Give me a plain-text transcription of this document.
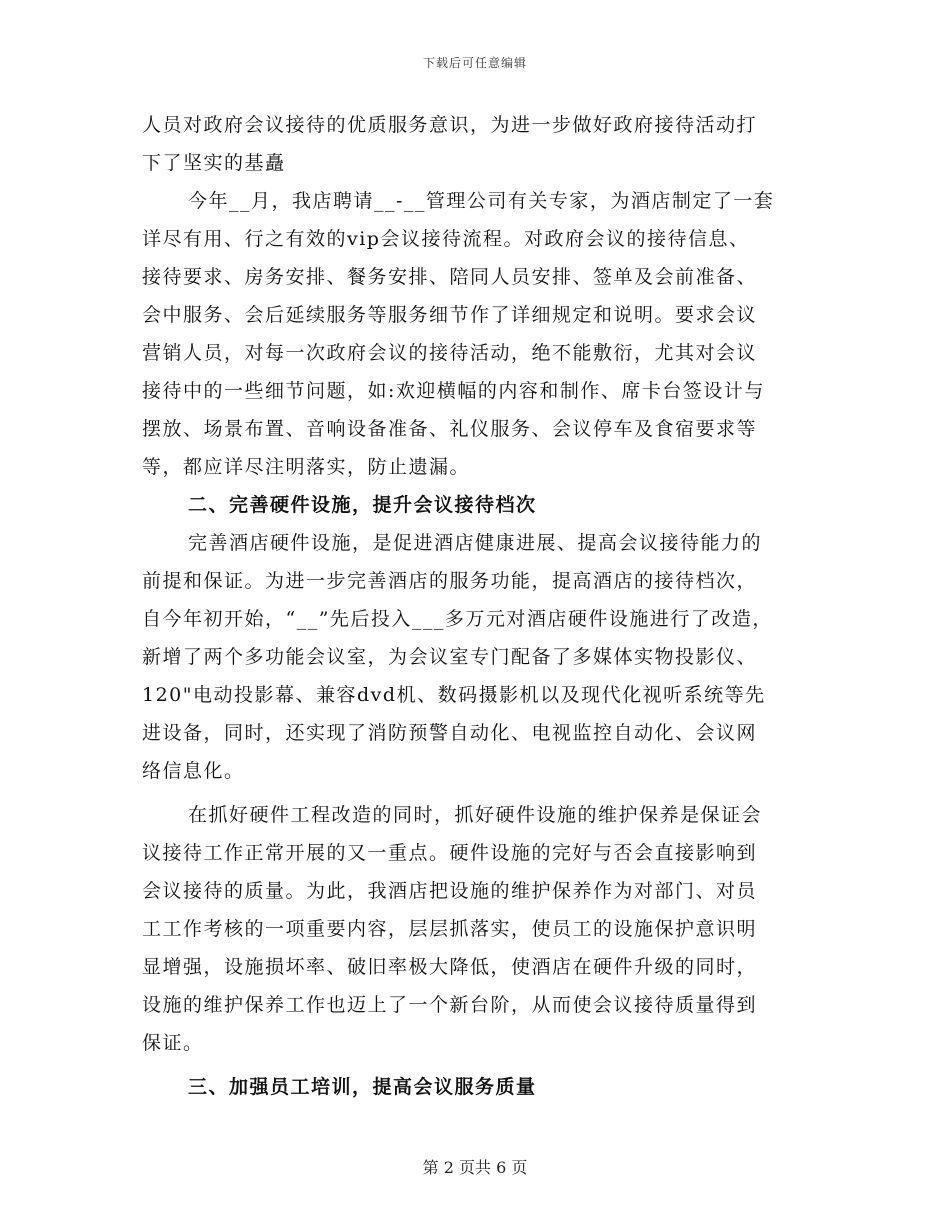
下载后可任意编辑
人员对政府会议接待的优质服务意识，为进一步做好政府接待活动打
下了坚实的基矗
今年__月，我店聘请__-__管理公司有关专家，为酒店制定了一套
详尽有用、行之有效的vip会议接待流程。对政府会议的接待信息、
接待要求、房务安排、餐务安排、陪同人员安排、签单及会前准备、
会中服务、会后延续服务等服务细节作了详细规定和说明。要求会议
营销人员，对每一次政府会议的接待活动，绝不能敷衍，尤其对会议
接待中的一些细节问题，如:欢迎横幅的内容和制作、席卡台签设计与
摆放、场景布置、音响设备准备、礼仪服务、会议停车及食宿要求等
等，都应详尽注明落实，防止遗漏。
二、完善硬件设施，提升会议接待档次
完善酒店硬件设施，是促进酒店健康进展、提高会议接待能力的
前提和保证。为进一步完善酒店的服务功能，提高酒店的接待档次，
自今年初开始，“__”先后投入___多万元对酒店硬件设施进行了改造，
新增了两个多功能会议室，为会议室专门配备了多媒体实物投影仪、
120"电动投影幕、兼容dvd机、数码摄影机以及现代化视听系统等先
进设备，同时，还实现了消防预警自动化、电视监控自动化、会议网
络信息化。
在抓好硬件工程改造的同时，抓好硬件设施的维护保养是保证会
议接待工作正常开展的又一重点。硬件设施的完好与否会直接影响到
会议接待的质量。为此，我酒店把设施的维护保养作为对部门、对员
工工作考核的一项重要内容，层层抓落实，使员工的设施保护意识明
显增强，设施损坏率、破旧率极大降低，使酒店在硬件升级的同时，
设施的维护保养工作也迈上了一个新台阶，从而使会议接待质量得到
保证。
三、加强员工培训，提高会议服务质量
第 2 页共 6 页
